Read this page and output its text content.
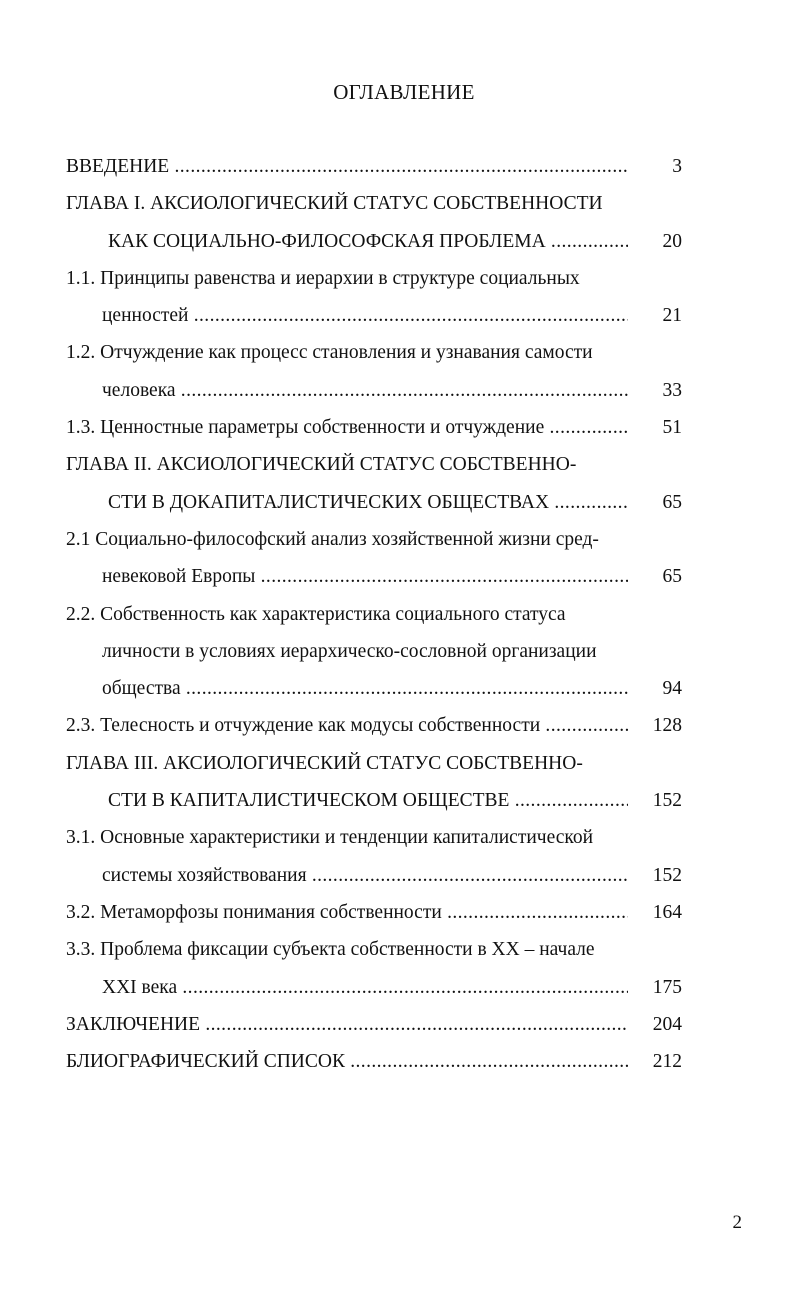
ОГЛАВЛЕНИЕ
ВВЕДЕНИЕ .....	3
ГЛАВА I. АКСИОЛОГИЧЕСКИЙ СТАТУС СОБСТВЕННОСТИ
КАК СОЦИАЛЬНО-ФИЛОСОФСКАЯ ПРОБЛЕМА .....	20
1.1. Принципы равенства и иерархии в структуре социальных
ценностей .....	21
1.2. Отчуждение как процесс становления и узнавания самости
человека .....	33
1.3. Ценностные параметры собственности и отчуждение .....	51
ГЛАВА II. АКСИОЛОГИЧЕСКИЙ СТАТУС СОБСТВЕННО-
СТИ В ДОКАПИТАЛИСТИЧЕСКИХ ОБЩЕСТВАХ .....	65
2.1 Социально-философский анализ хозяйственной жизни сред-
невековой Европы .....	65
2.2. Собственность как характеристика социального статуса
личности в условиях иерархическо-сословной организации
общества .....	94
2.3. Телесность и отчуждение как модусы собственности .....	128
ГЛАВА III. АКСИОЛОГИЧЕСКИЙ СТАТУС СОБСТВЕННО-
СТИ В КАПИТАЛИСТИЧЕСКОМ ОБЩЕСТВЕ .....	152
3.1. Основные характеристики и тенденции капиталистической
системы хозяйствования .....	152
3.2. Метаморфозы понимания собственности .....	164
3.3. Проблема фиксации субъекта собственности в XX – начале
XXI века .....	175
ЗАКЛЮЧЕНИЕ .....	204
БЛИОГРАФИЧЕСКИЙ СПИСОК .....	212
2
